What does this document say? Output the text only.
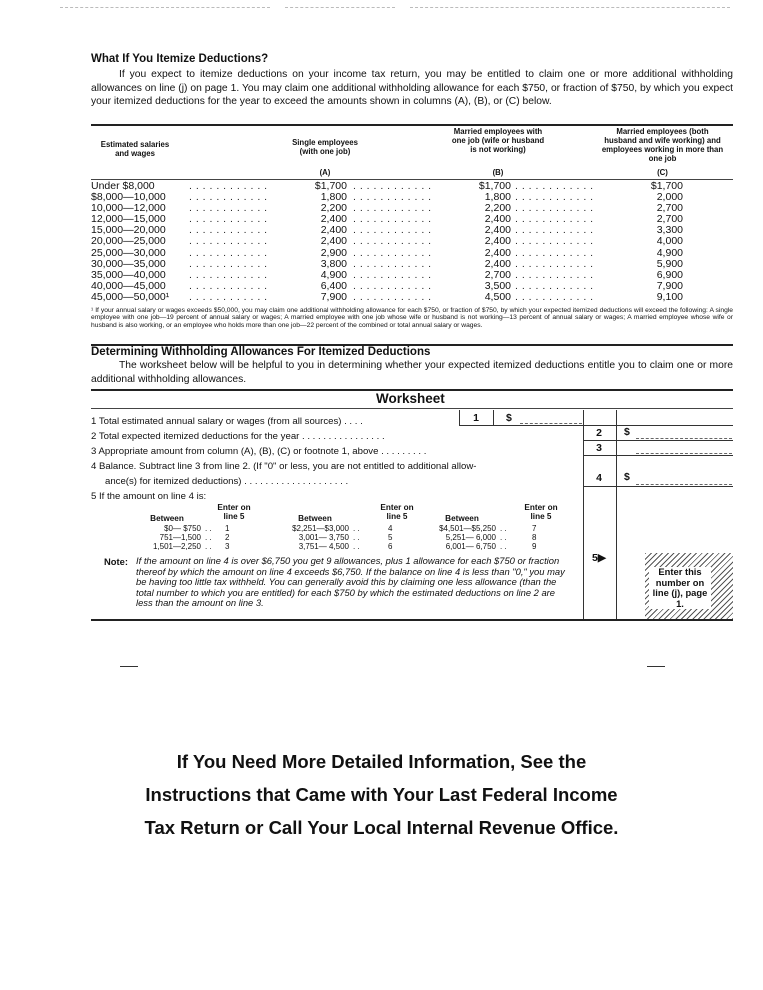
What If You Itemize Deductions?
If you expect to itemize deductions on your income tax return, you may be entitled to claim one or more additional withholding allowances on line (j) on page 1. You may claim one additional withholding allowance for each $750, or fraction of $750, by which you expect your itemized deductions for the year to exceed the amounts shown in columns (A), (B), or (C) below.
Estimated salaries and wages
Single employees (with one job)
(A)
Married employees with one job (wife or husband is not working)
(B)
Married employees (both husband and wife working) and employees working in more than one job
(C)
Under $8,000	$1,700	$1,700	$1,700
. . . . . . . . . . . .	. . . . . . . . . . . .	. . . . . . . . . . . .
$8,000—10,000	1,800	1,800	2,000
. . . . . . . . . . . .	. . . . . . . . . . . .	. . . . . . . . . . . .
10,000—12,000	2,200	2,200	2,700
. . . . . . . . . . . .	. . . . . . . . . . . .	. . . . . . . . . . . .
12,000—15,000	2,400	2,400	2,700
. . . . . . . . . . . .	. . . . . . . . . . . .	. . . . . . . . . . . .
15,000—20,000	2,400	2,400	3,300
. . . . . . . . . . . .	. . . . . . . . . . . .	. . . . . . . . . . . .
20,000—25,000	2,400	2,400	4,000
. . . . . . . . . . . .	. . . . . . . . . . . .	. . . . . . . . . . . .
25,000—30,000	2,900	2,400	4,900
. . . . . . . . . . . .	. . . . . . . . . . . .	. . . . . . . . . . . .
30,000—35,000	3,800	2,400	5,900
. . . . . . . . . . . .	. . . . . . . . . . . .	. . . . . . . . . . . .
35,000—40,000	4,900	2,700	6,900
. . . . . . . . . . . .	. . . . . . . . . . . .	. . . . . . . . . . . .
40,000—45,000	6,400	3,500	7,900
. . . . . . . . . . . .	. . . . . . . . . . . .	. . . . . . . . . . . .
45,000—50,000¹	7,900	4,500	9,100
. . . . . . . . . . . .	. . . . . . . . . . . .	. . . . . . . . . . . .
¹ If your annual salary or wages exceeds $50,000, you may claim one additional withholding allowance for each $750, or fraction of $750, by which your expected itemized deductions will exceed the following: A single employee with one job—19 percent of annual salary or wages; A married employee with one job whose wife or husband is not working—13 percent of annual salary or wages; A married employee whose wife or husband is also working, or an employee who holds more than one job—22 percent of the combined or total annual salary or wages.
Determining Withholding Allowances For Itemized Deductions
The worksheet below will be helpful to you in determining whether your expected itemized deductions entitle you to claim one or more additional withholding allowances.
Worksheet
1 Total estimated annual salary or wages (from all sources) . . . .	1	$
2 Total expected itemized deductions for the year . . . . . . . . . . . . . . . .
3 Appropriate amount from column (A), (B), (C) or footnote 1, above . . . . . . . . .
4 Balance. Subtract line 3 from line 2. (If "0" or less, you are not entitled to additional allow-
ance(s) for itemized deductions) . . . . . . . . . . . . . . . . . . . .
5 If the amount on line 4 is:
2	$
3
4	$
5▶
Enter this number on line (j), page 1.
Between
Enter on line 5
$0— $750 . . 1
751—1,500 . . 2
1,501—2,250 . . 3
Between
Enter on line 5
$2,251—$3,000 . .	4
3,001— 3,750 . .	5
3,751— 4,500 . .	6
Between
Enter on line 5
$4,501—$5,250 . .	7
5,251— 6,000 . .	8
6,001— 6,750 . .	9
Note: If the amount on line 4 is over $6,750 you get 9 allowances, plus 1 allowance for each $750 or fraction thereof by which the amount on line 4 exceeds $6,750. If the balance on line 4 is less than "0," you may be having too little tax withheld. You can generally avoid this by claiming one less allowance (than the total number to which you are entitled) for each $750 by which the estimated deductions on line 2 are less than the amount on line 3.
If You Need More Detailed Information, See the
Instructions that Came with Your Last Federal Income
Tax Return or Call Your Local Internal Revenue Office.
